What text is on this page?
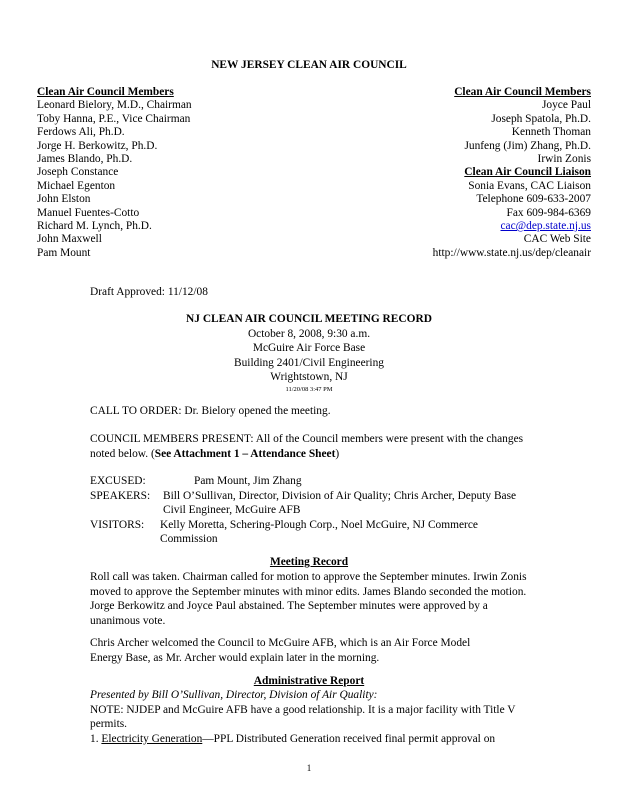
NEW JERSEY CLEAN AIR COUNCIL
Clean Air Council Members
Leonard Bielory, M.D., Chairman
Toby Hanna, P.E., Vice Chairman
Ferdows Ali, Ph.D.
Jorge H. Berkowitz, Ph.D.
James Blando, Ph.D.
Joseph Constance
Michael Egenton
John Elston
Manuel Fuentes-Cotto
Richard M. Lynch, Ph.D.
John Maxwell
Pam Mount
Clean Air Council Members
Joyce Paul
Joseph Spatola, Ph.D.
Kenneth Thoman
Junfeng (Jim) Zhang, Ph.D.
Irwin Zonis
Clean Air Council Liaison
Sonia Evans, CAC Liaison
Telephone 609-633-2007
Fax 609-984-6369
cac@dep.state.nj.us
CAC Web Site
http://www.state.nj.us/dep/cleanair
Draft Approved: 11/12/08
NJ CLEAN AIR COUNCIL MEETING RECORD
October 8, 2008, 9:30 a.m.
McGuire Air Force Base
Building 2401/Civil Engineering
Wrightstown, NJ
11/20/08 3:47 PM
CALL TO ORDER: Dr. Bielory opened the meeting.

COUNCIL MEMBERS PRESENT: All of the Council members were present with the changes noted below. (See Attachment 1 – Attendance Sheet)

EXCUSED:	Pam Mount, Jim Zhang
SPEAKERS:	Bill O’Sullivan, Director, Division of Air Quality; Chris Archer, Deputy Base Civil Engineer, McGuire AFB
VISITORS:	Kelly Moretta, Schering-Plough Corp., Noel McGuire, NJ Commerce Commission
Meeting Record

Roll call was taken. Chairman called for motion to approve the September minutes. Irwin Zonis moved to approve the September minutes with minor edits. James Blando seconded the motion. Jorge Berkowitz and Joyce Paul abstained. The September minutes were approved by a unanimous vote.

Chris Archer welcomed the Council to McGuire AFB, which is an Air Force Model Energy Base, as Mr. Archer would explain later in the morning.

Administrative Report

Presented by Bill O’Sullivan, Director, Division of Air Quality:

NOTE: NJDEP and McGuire AFB have a good relationship. It is a major facility with Title V permits.

1. Electricity Generation—PPL Distributed Generation received final permit approval on

1
